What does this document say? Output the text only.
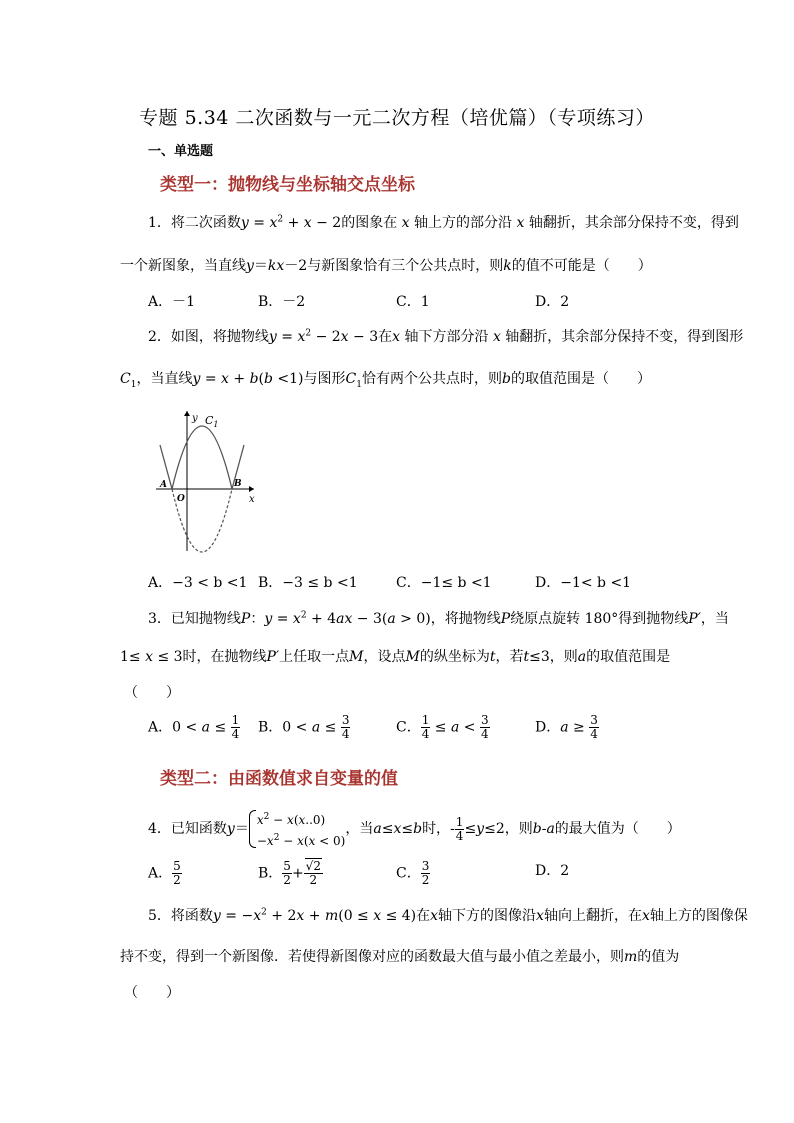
专题 5.34 二次函数与一元二次方程（培优篇）（专项练习）
一、单选题
类型一：抛物线与坐标轴交点坐标
1．将二次函数$y = x^2 + x - 2$的图象在 x 轴上方的部分沿 x 轴翻折，其余部分保持不变，得到
一个新图象，当直线y＝kx－2与新图象恰有三个公共点时，则k的值不可能是（　　）
A．－1	B．－2	C．1	D．2
2．如图，将抛物线$y = x^2 - 2x - 3$在x 轴下方部分沿 x 轴翻折，其余部分保持不变，得到图形
$C_1$，当直线y = x + b(b <1)与图形$C_1$恰有两个公共点时，则b的取值范围是（　　）
y $C_1$
A
O
B
x
A．−3 < b <1 B．−3 ≤ b <1	C．−1≤ b <1	D．−1< b <1
3．已知抛物线P：$y = x^2 + 4ax - 3(a > 0)$，将抛物线P绕原点旋转 180°得到抛物线P′，当
1≤ x ≤ 3时，在抛物线P′上任取一点M，设点M的纵坐标为t，若t≤3，则a的取值范围是
（　　）
A．$0 < a \le \frac{1}{4}$ B．$0 < a \le \frac{3}{4}$	C． $\frac{1}{4} \le a < \frac{3}{4}$	D．$a \ge \frac{3}{4}$
类型二：由函数值求自变量的值
4．已知函数y＝
$x^2 - x(x..0)$
$-x^2 - x(x < 0)$
，当a≤x≤b时，- $\frac{1}{4} \le y\le 2$，则b-a的最大值为（　　）
A． $\frac{5}{2}$	B． $\frac{5}{2} + \frac{√2}{2}$	C． $\frac{3}{2}$	D．2
5．将函数$y = -x^2 + 2x + m(0 \le x \le 4)$在x轴下方的图像沿x轴向上翻折，在x轴上方的图像保
持不变，得到一个新图像．若使得新图像对应的函数最大值与最小值之差最小，则m的值为
（　　）
